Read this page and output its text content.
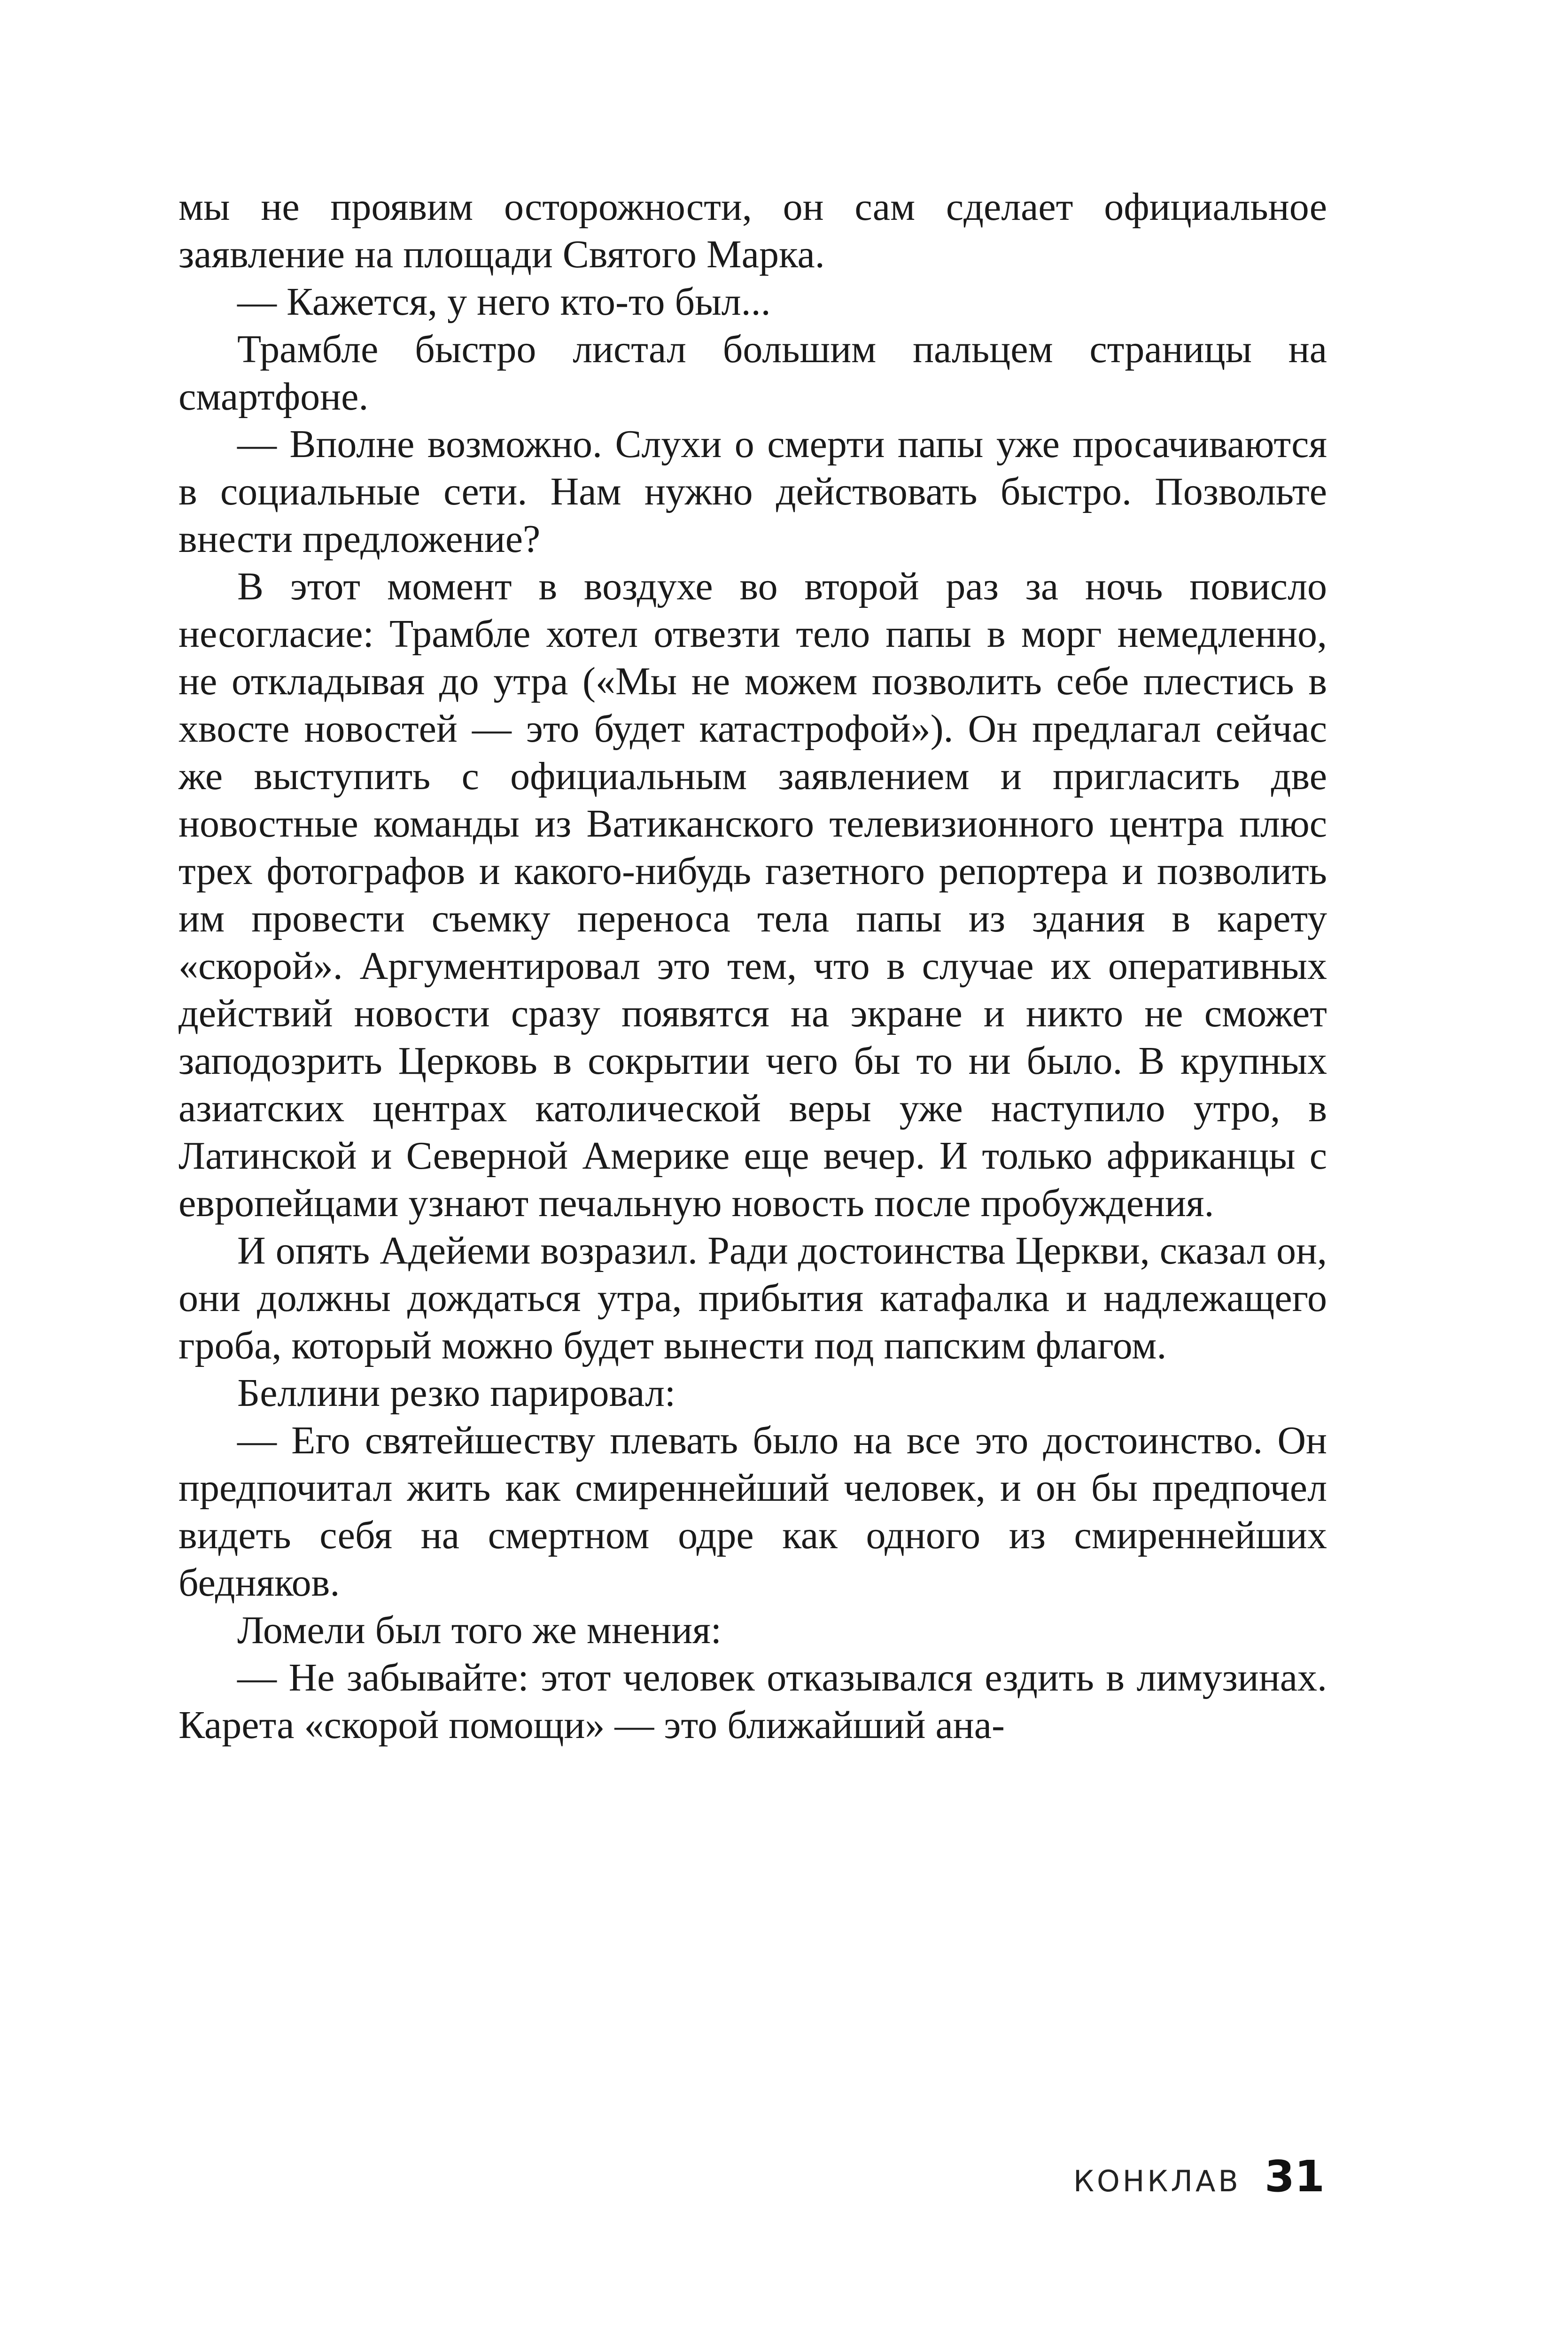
мы не проявим осторожности, он сам сделает официальное заявление на площади Святого Марка.

— Кажется, у него кто-то был...

Трамбле быстро листал большим пальцем страницы на смартфоне.

— Вполне возможно. Слухи о смерти папы уже просачиваются в социальные сети. Нам нужно действовать быстро. Позвольте внести предложение?

В этот момент в воздухе во второй раз за ночь повисло несогласие: Трамбле хотел отвезти тело папы в морг немедленно, не откладывая до утра («Мы не можем позволить себе плестись в хвосте новостей — это будет катастрофой»). Он предлагал сейчас же выступить с официальным заявлением и пригласить две новостные команды из Ватиканского телевизионного центра плюс трех фотографов и какого-нибудь газетного репортера и позволить им провести съемку переноса тела папы из здания в карету «скорой». Аргументировал это тем, что в случае их оперативных действий новости сразу появятся на экране и никто не сможет заподозрить Церковь в сокрытии чего бы то ни было. В крупных азиатских центрах католической веры уже наступило утро, в Латинской и Северной Америке еще вечер. И только африканцы с европейцами узнают печальную новость после пробуждения.

И опять Адейеми возразил. Ради достоинства Церкви, сказал он, они должны дождаться утра, прибытия катафалка и надлежащего гроба, который можно будет вынести под папским флагом.

Беллини резко парировал:

— Его святейшеству плевать было на все это достоинство. Он предпочитал жить как смиреннейший человек, и он бы предпочел видеть себя на смертном одре как одного из смиреннейших бедняков.

Ломели был того же мнения:

— Не забывайте: этот человек отказывался ездить в лимузинах. Карета «скорой помощи» — это ближайший ана-

КОНКЛАВ 31
